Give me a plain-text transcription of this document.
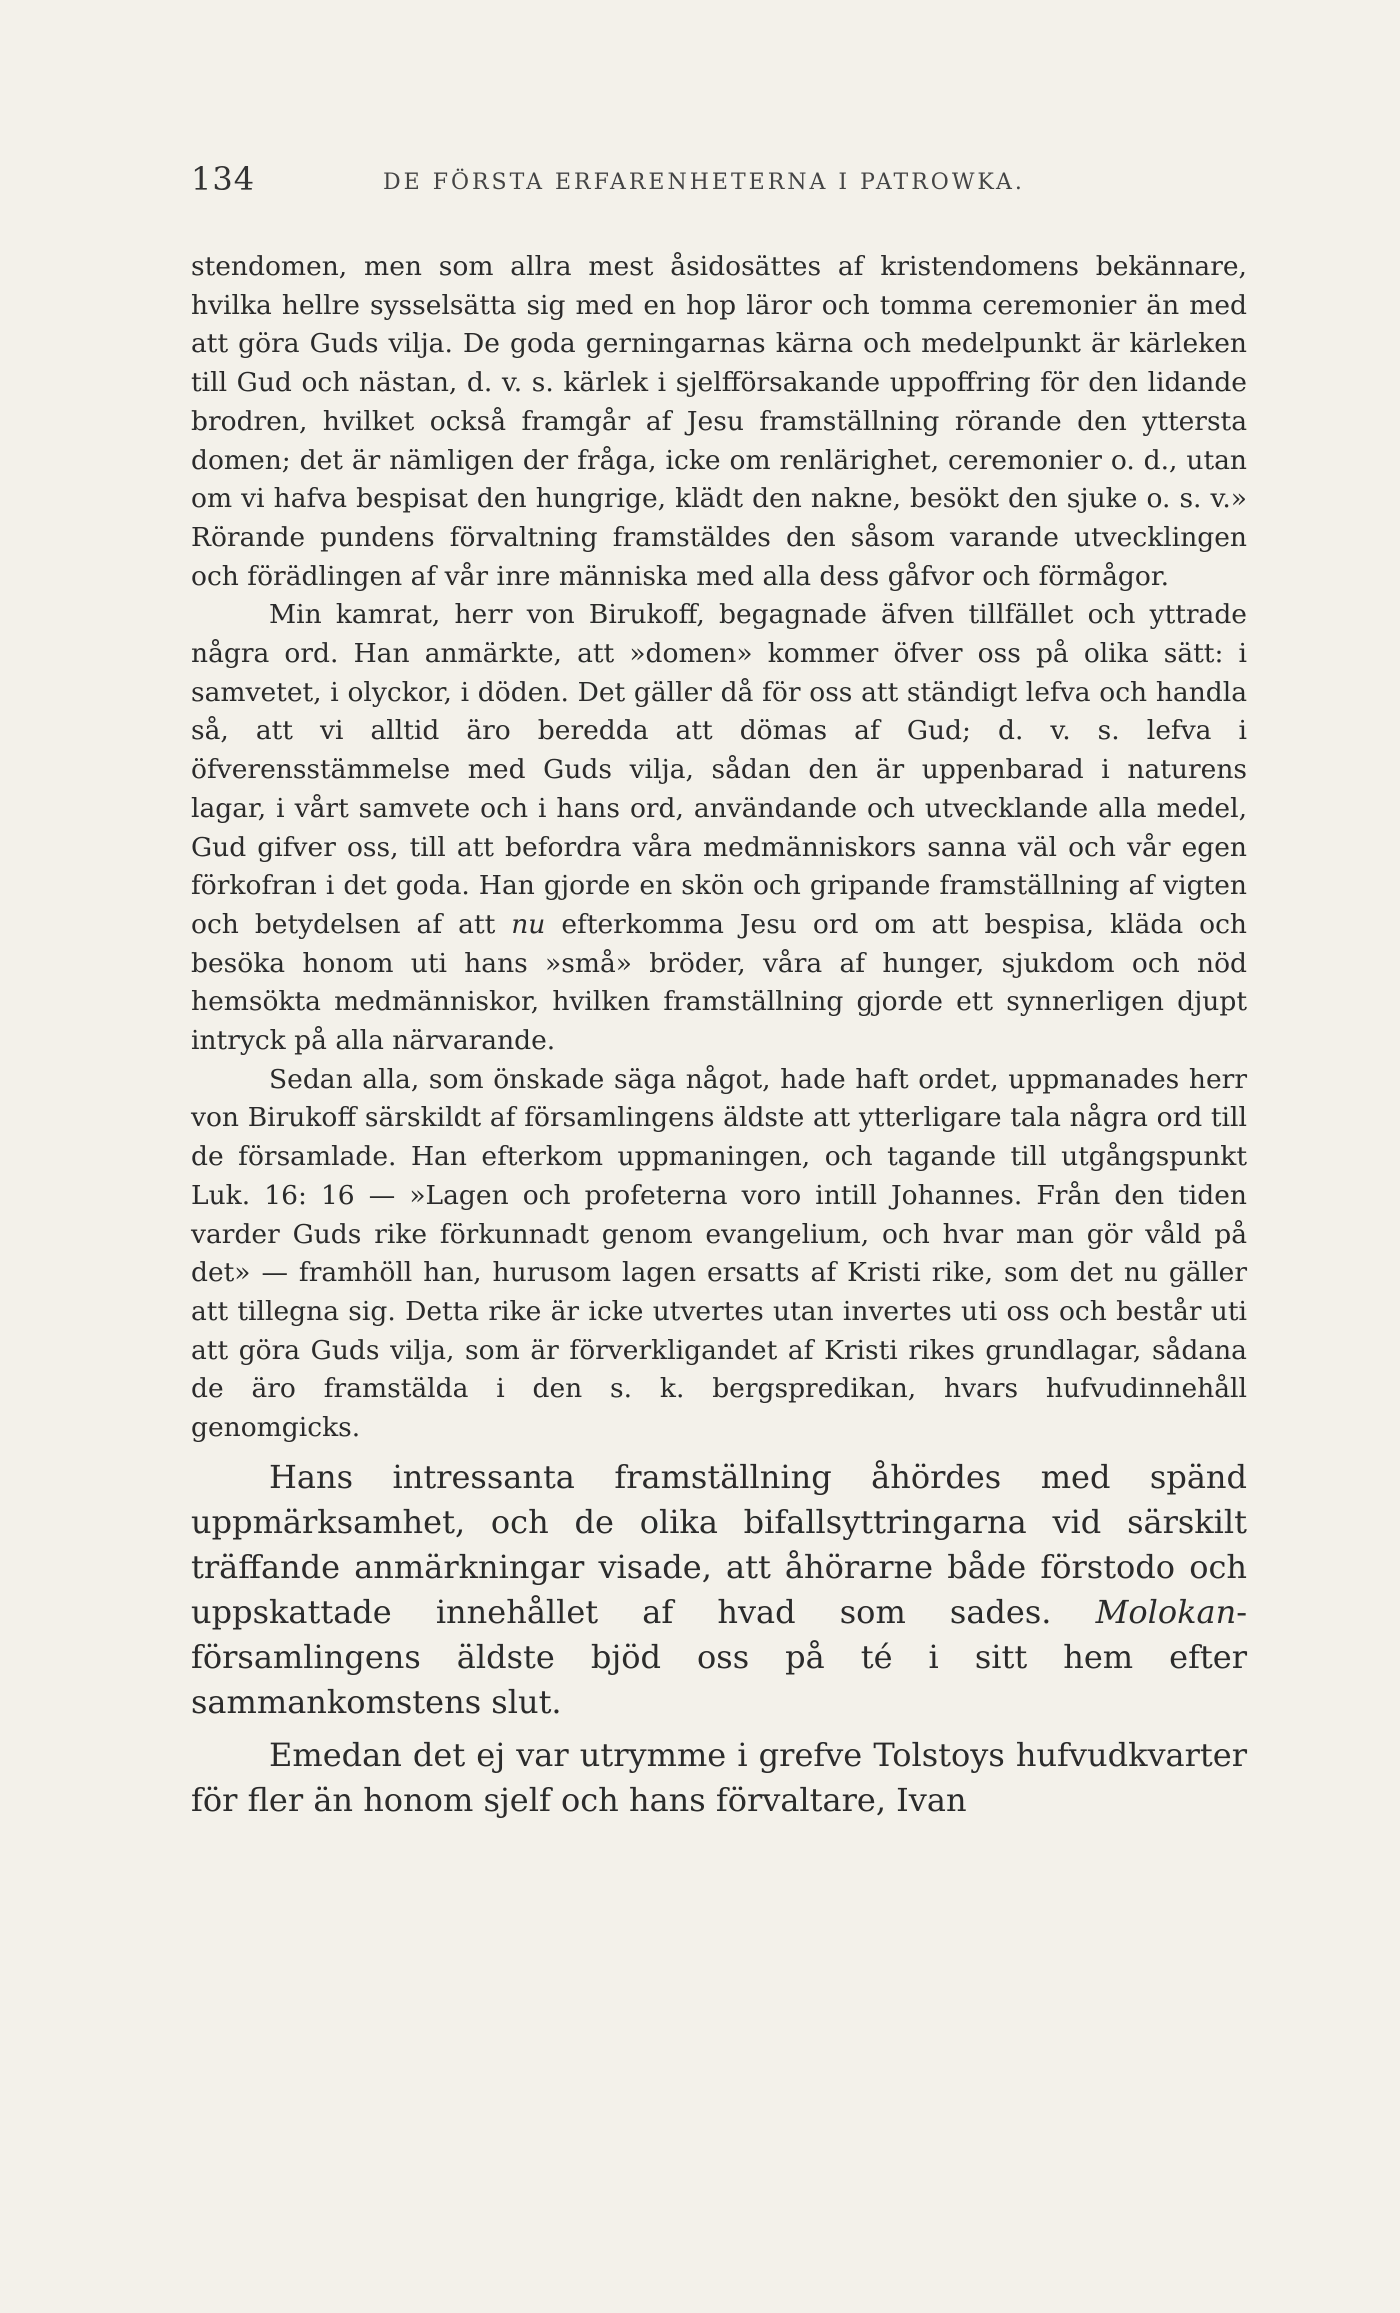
134	DE FÖRSTA ERFARENHETERNA I PATROWKA.

stendomen, men som allra mest åsidosättes af kristendomens bekännare, hvilka hellre sysselsätta sig med en hop läror och tomma ceremonier än med att göra Guds vilja. De goda gerningarnas kärna och medelpunkt är kärleken till Gud och nästan, d. v. s. kärlek i sjelfförsakande uppoffring för den lidande brodren, hvilket också framgår af Jesu framställning rörande den yttersta domen; det är nämligen der fråga, icke om renlärighet, ceremonier o. d., utan om vi hafva bespisat den hungrige, klädt den nakne, besökt den sjuke o. s. v.» Rörande pundens förvaltning framstäldes den såsom varande utvecklingen och förädlingen af vår inre människa med alla dess gåfvor och förmågor.

Min kamrat, herr von Birukoff, begagnade äfven tillfället och yttrade några ord. Han anmärkte, att »domen» kommer öfver oss på olika sätt: i samvetet, i olyckor, i döden. Det gäller då för oss att ständigt lefva och handla så, att vi alltid äro beredda att dömas af Gud; d. v. s. lefva i öfverensstämmelse med Guds vilja, sådan den är uppenbarad i naturens lagar, i vårt samvete och i hans ord, användande och utvecklande alla medel, Gud gifver oss, till att befordra våra medmänniskors sanna väl och vår egen förkofran i det goda. Han gjorde en skön och gripande framställning af vigten och betydelsen af att nu efterkomma Jesu ord om att bespisa, kläda och besöka honom uti hans »små» bröder, våra af hunger, sjukdom och nöd hemsökta medmänniskor, hvilken framställning gjorde ett synnerligen djupt intryck på alla närvarande.

Sedan alla, som önskade säga något, hade haft ordet, uppmanades herr von Birukoff särskildt af församlingens äldste att ytterligare tala några ord till de församlade. Han efterkom uppmaningen, och tagande till utgångspunkt Luk. 16: 16 — »Lagen och profeterna voro intill Johannes. Från den tiden varder Guds rike förkunnadt genom evangelium, och hvar man gör våld på det» — framhöll han, hurusom lagen ersatts af Kristi rike, som det nu gäller att tillegna sig. Detta rike är icke utvertes utan invertes uti oss och består uti att göra Guds vilja, som är förverkligandet af Kristi rikes grundlagar, sådana de äro framstälda i den s. k. bergspredikan, hvars hufvudinnehåll genomgicks.

Hans intressanta framställning åhördes med spänd uppmärksamhet, och de olika bifallsyttringarna vid särskilt träffande anmärkningar visade, att åhörarne både förstodo och uppskattade innehållet af hvad som sades. Molokan-församlingens äldste bjöd oss på té i sitt hem efter sammankomstens slut.

Emedan det ej var utrymme i grefve Tolstoys hufvudkvarter för fler än honom sjelf och hans förvaltare, Ivan
